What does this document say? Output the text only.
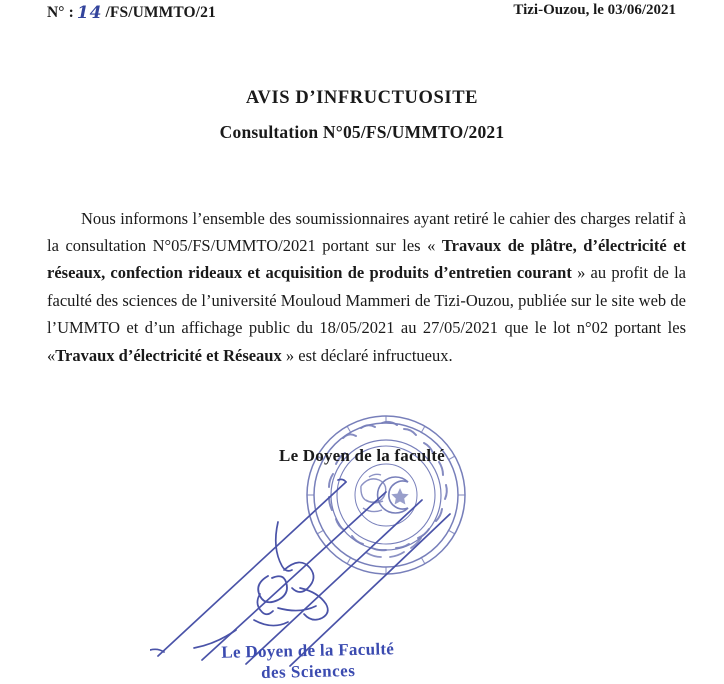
N° : 14 /FS/UMMTO/21	Tizi-Ouzou, le 03/06/2021
AVIS D’INFRUCTUOSITE
Consultation N°05/FS/UMMTO/2021

Nous informons l’ensemble des soumissionnaires ayant retiré le cahier des charges relatif à la consultation N°05/FS/UMMTO/2021 portant sur les « Travaux de plâtre, d’électricité et réseaux, confection rideaux et acquisition de produits d’entretien courant » au profit de la faculté des sciences de l’université Mouloud Mammeri de Tizi-Ouzou, publiée sur le site web de l’UMMTO et d’un affichage public du 18/05/2021 au 27/05/2021 que le lot n°02 portant les «Travaux d’électricité et Réseaux » est déclaré infructueux.

Le Doyen de la faculté
Le Doyen de la Faculté
des Sciences
